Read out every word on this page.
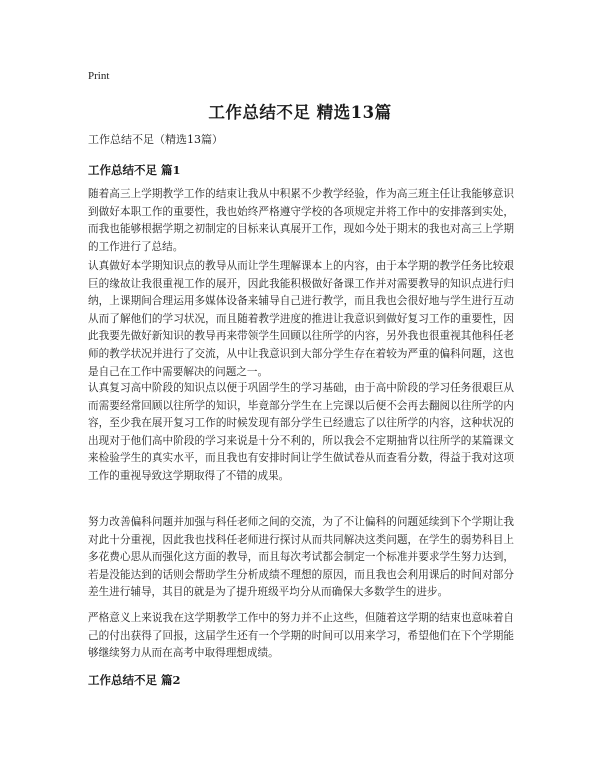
Print
工作总结不足 精选13篇

工作总结不足（精选13篇）

工作总结不足 篇1

随着高三上学期教学工作的结束让我从中积累不少教学经验，作为高三班主任让我能够意识到做好本职工作的重要性，我也始终严格遵守学校的各项规定并将工作中的安排落到实处，而我也能够根据学期之初制定的目标来认真展开工作，现如今处于期末的我也对高三上学期的工作进行了总结。

认真做好本学期知识点的教导从而让学生理解课本上的内容，由于本学期的教学任务比较艰巨的缘故让我很重视工作的展开，因此我能积极做好备课工作并对需要教导的知识点进行归纳，上课期间合理运用多媒体设备来辅导自己进行教学，而且我也会很好地与学生进行互动从而了解他们的学习状况，而且随着教学进度的推进让我意识到做好复习工作的重要性，因此我要先做好新知识的教导再来带领学生回顾以往所学的内容，另外我也很重视其他科任老师的教学状况并进行了交流，从中让我意识到大部分学生存在着较为严重的偏科问题，这也是自己在工作中需要解决的问题之一。

认真复习高中阶段的知识点以便于巩固学生的学习基础，由于高中阶段的学习任务很艰巨从而需要经常回顾以往所学的知识，毕竟部分学生在上完课以后便不会再去翻阅以往所学的内容，至少我在展开复习工作的时候发现有部分学生已经遗忘了以往所学的内容，这种状况的出现对于他们高中阶段的学习来说是十分不利的，所以我会不定期抽背以往所学的某篇课文来检验学生的真实水平，而且我也有安排时间让学生做试卷从而查看分数，得益于我对这项工作的重视导致这学期取得了不错的成果。

努力改善偏科问题并加强与科任老师之间的交流，为了不让偏科的问题延续到下个学期让我对此十分重视，因此我也找科任老师进行探讨从而共同解决这类问题，在学生的弱势科目上多花费心思从而强化这方面的教导，而且每次考试都会制定一个标准并要求学生努力达到，若是没能达到的话则会帮助学生分析成绩不理想的原因，而且我也会利用课后的时间对部分差生进行辅导，其目的就是为了提升班级平均分从而确保大多数学生的进步。

严格意义上来说我在这学期教学工作中的努力并不止这些，但随着这学期的结束也意味着自己的付出获得了回报，这届学生还有一个学期的时间可以用来学习，希望他们在下个学期能够继续努力从而在高考中取得理想成绩。

工作总结不足 篇2
